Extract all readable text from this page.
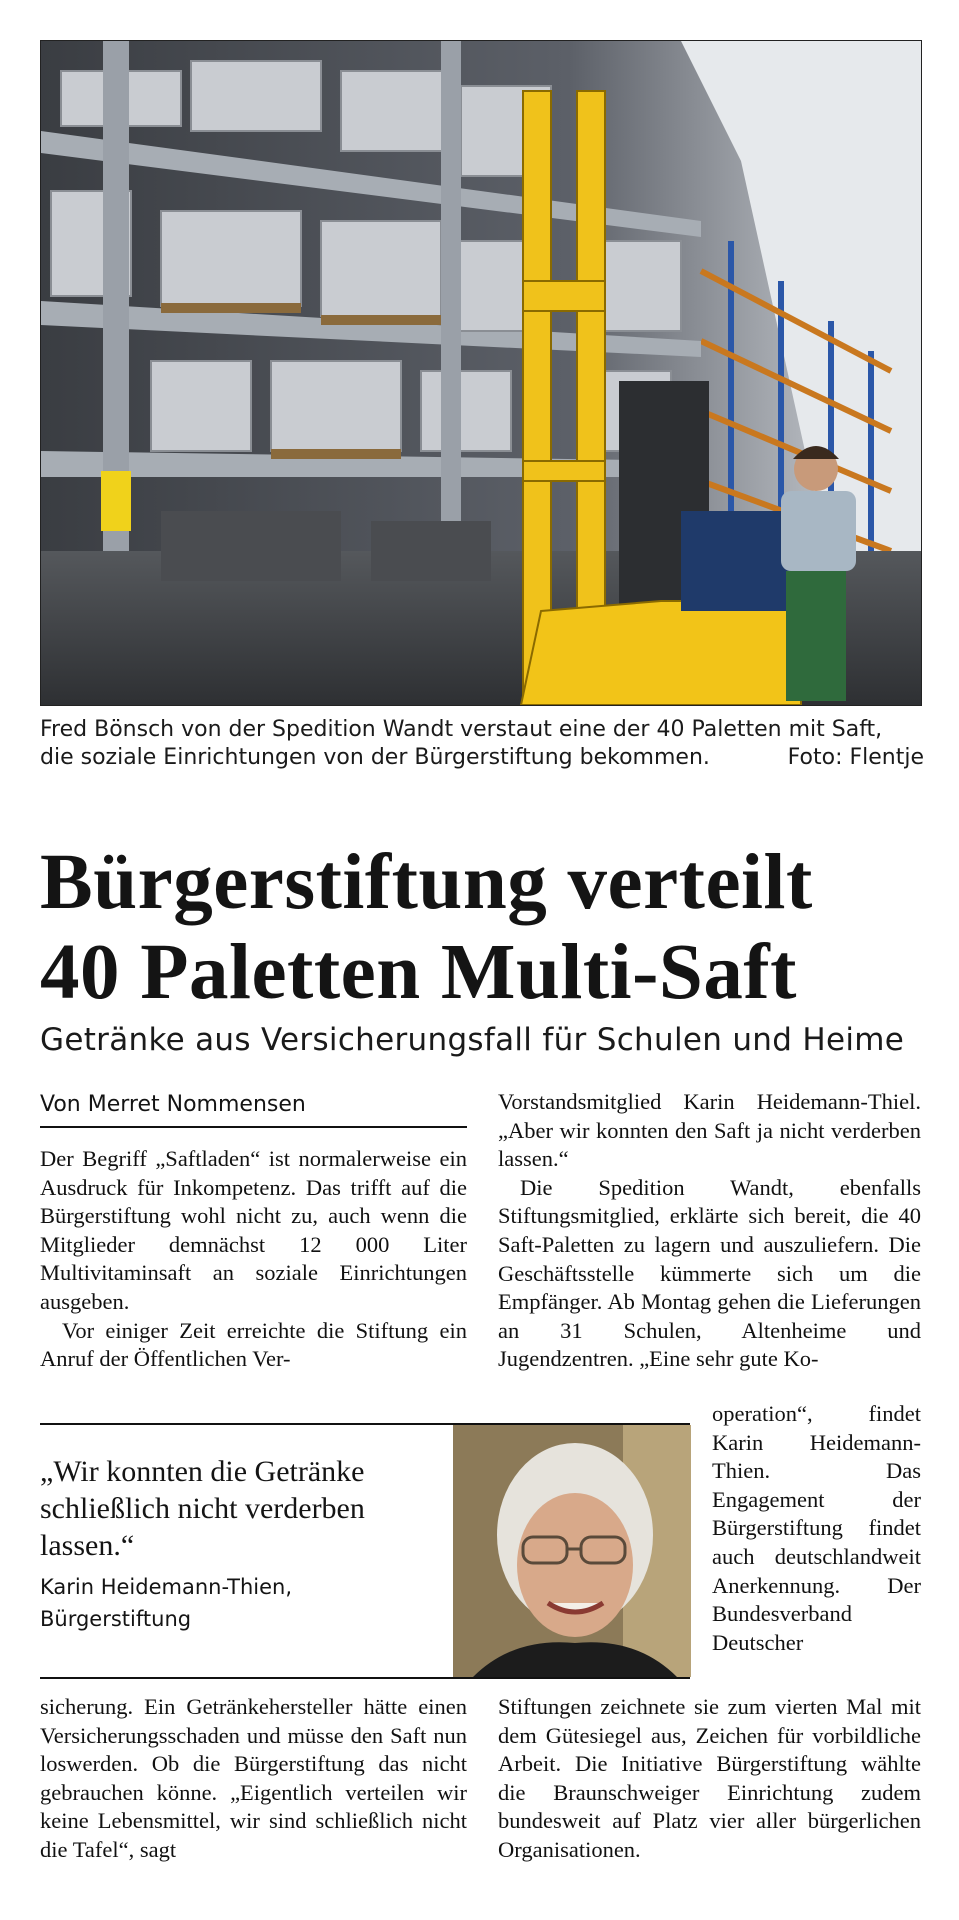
Fred Bönsch von der Spedition Wandt verstaut eine der 40 Paletten mit Saft,
die soziale Einrichtungen von der Bürgerstiftung bekommen.	Foto: Flentje
Bürgerstiftung verteilt
40 Paletten Multi-Saft
Getränke aus Versicherungsfall für Schulen und Heime
Von Merret Nommensen

Der Begriff „Saftladen“ ist normalerweise ein Ausdruck für Inkompetenz. Das trifft auf die Bürgerstiftung wohl nicht zu, auch wenn die Mitglieder demnächst 12 000 Liter Multivitaminsaft an soziale Einrichtungen ausgeben.

Vor einiger Zeit erreichte die Stiftung ein Anruf der Öffentlichen Ver-

Vorstandsmitglied Karin Heidemann-Thiel. „Aber wir konnten den Saft ja nicht verderben lassen.“

Die Spedition Wandt, ebenfalls Stiftungsmitglied, erklärte sich bereit, die 40 Saft-Paletten zu lagern und auszuliefern. Die Geschäftsstelle kümmerte sich um die Empfänger. Ab Montag gehen die Lieferungen an 31 Schulen, Altenheime und Jugendzentren. „Eine sehr gute Ko-

„Wir konnten die Getränke schließlich nicht verderben lassen.“

Karin Heidemann-Thien,
Bürgerstiftung

operation“, findet Karin Heidemann-Thien. Das Engagement der Bürgerstiftung findet auch deutschlandweit Anerkennung. Der Bundesverband Deutscher

sicherung. Ein Getränkehersteller hätte einen Versicherungsschaden und müsse den Saft nun loswerden. Ob die Bürgerstiftung das nicht gebrauchen könne. „Eigentlich verteilen wir keine Lebensmittel, wir sind schließlich nicht die Tafel“, sagt

Stiftungen zeichnete sie zum vierten Mal mit dem Gütesiegel aus, Zeichen für vorbildliche Arbeit. Die Initiative Bürgerstiftung wählte die Braunschweiger Einrichtung zudem bundesweit auf Platz vier aller bürgerlichen Organisationen.
